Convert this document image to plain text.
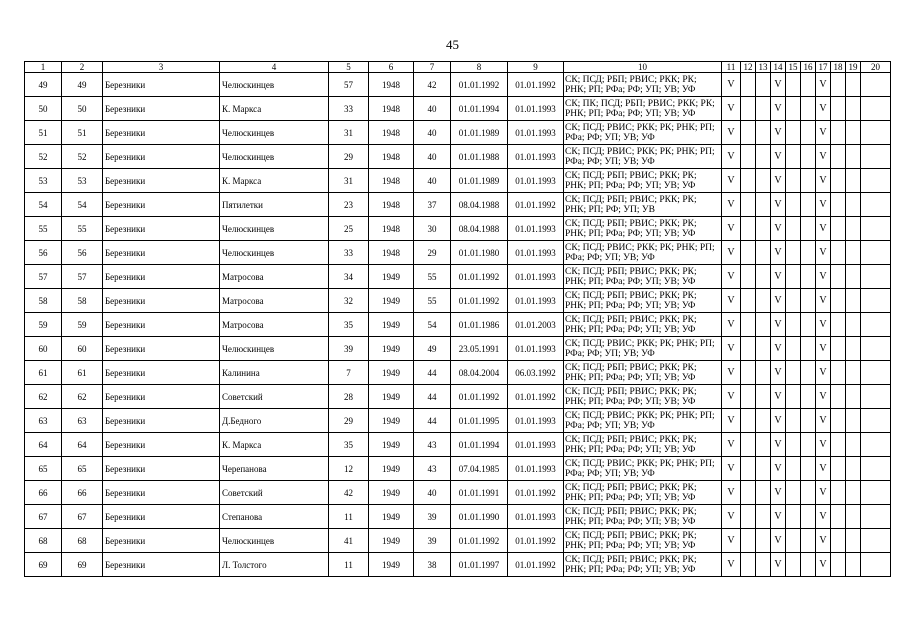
45
1	2	3	4	5	6	7	8	9	10	11	12	13	14	15	16	17	18	19	20
49	49	Березники	Челюскинцев	57	1948	42	01.01.1992	01.01.1992	СК; ПСД; РБП; РВИС; РКК; РК; РНК; РП; РФа; РФ; УП; УВ; УФ	V			V			V			
50	50	Березники	К. Маркса	33	1948	40	01.01.1994	01.01.1993	СК; ПК; ПСД; РБП; РВИС; РКК; РК; РНК; РП; РФа; РФ; УП; УВ; УФ	V			V			V			
51	51	Березники	Челюскинцев	31	1948	40	01.01.1989	01.01.1993	СК; ПСД; РВИС; РКК; РК; РНК; РП; РФа; РФ; УП; УВ; УФ	V			V			V			
52	52	Березники	Челюскинцев	29	1948	40	01.01.1988	01.01.1993	СК; ПСД; РВИС; РКК; РК; РНК; РП; РФа; РФ; УП; УВ; УФ	V			V			V			
53	53	Березники	К. Маркса	31	1948	40	01.01.1989	01.01.1993	СК; ПСД; РБП; РВИС; РКК; РК; РНК; РП; РФа; РФ; УП; УВ; УФ	V			V			V			
54	54	Березники	Пятилетки	23	1948	37	08.04.1988	01.01.1992	СК; ПСД; РБП; РВИС; РКК; РК; РНК; РП; РФ; УП; УВ	V			V			V			
55	55	Березники	Челюскинцев	25	1948	30	08.04.1988	01.01.1993	СК; ПСД; РБП; РВИС; РКК; РК; РНК; РП; РФа; РФ; УП; УВ; УФ	V			V			V			
56	56	Березники	Челюскинцев	33	1948	29	01.01.1980	01.01.1993	СК; ПСД; РВИС; РКК; РК; РНК; РП; РФа; РФ; УП; УВ; УФ	V			V			V			
57	57	Березники	Матросова	34	1949	55	01.01.1992	01.01.1993	СК; ПСД; РБП; РВИС; РКК; РК; РНК; РП; РФа; РФ; УП; УВ; УФ	V			V			V			
58	58	Березники	Матросова	32	1949	55	01.01.1992	01.01.1993	СК; ПСД; РБП; РВИС; РКК; РК; РНК; РП; РФа; РФ; УП; УВ; УФ	V			V			V			
59	59	Березники	Матросова	35	1949	54	01.01.1986	01.01.2003	СК; ПСД; РБП; РВИС; РКК; РК; РНК; РП; РФа; РФ; УП; УВ; УФ	V			V			V			
60	60	Березники	Челюскинцев	39	1949	49	23.05.1991	01.01.1993	СК; ПСД; РВИС; РКК; РК; РНК; РП; РФа; РФ; УП; УВ; УФ	V			V			V			
61	61	Березники	Калинина	7	1949	44	08.04.2004	06.03.1992	СК; ПСД; РБП; РВИС; РКК; РК; РНК; РП; РФа; РФ; УП; УВ; УФ	V			V			V			
62	62	Березники	Советский	28	1949	44	01.01.1992	01.01.1992	СК; ПСД; РБП; РВИС; РКК; РК; РНК; РП; РФа; РФ; УП; УВ; УФ	V			V			V			
63	63	Березники	Д.Бедного	29	1949	44	01.01.1995	01.01.1993	СК; ПСД; РВИС; РКК; РК; РНК; РП; РФа; РФ; УП; УВ; УФ	V			V			V			
64	64	Березники	К. Маркса	35	1949	43	01.01.1994	01.01.1993	СК; ПСД; РБП; РВИС; РКК; РК; РНК; РП; РФа; РФ; УП; УВ; УФ	V			V			V			
65	65	Березники	Черепанова	12	1949	43	07.04.1985	01.01.1993	СК; ПСД; РВИС; РКК; РК; РНК; РП; РФа; РФ; УП; УВ; УФ	V			V			V			
66	66	Березники	Советский	42	1949	40	01.01.1991	01.01.1992	СК; ПСД; РБП; РВИС; РКК; РК; РНК; РП; РФа; РФ; УП; УВ; УФ	V			V			V			
67	67	Березники	Степанова	11	1949	39	01.01.1990	01.01.1993	СК; ПСД; РБП; РВИС; РКК; РК; РНК; РП; РФа; РФ; УП; УВ; УФ	V			V			V			
68	68	Березники	Челюскинцев	41	1949	39	01.01.1992	01.01.1992	СК; ПСД; РБП; РВИС; РКК; РК; РНК; РП; РФа; РФ; УП; УВ; УФ	V			V			V			
69	69	Березники	Л. Толстого	11	1949	38	01.01.1997	01.01.1992	СК; ПСД; РБП; РВИС; РКК; РК; РНК; РП; РФа; РФ; УП; УВ; УФ	V			V			V			
